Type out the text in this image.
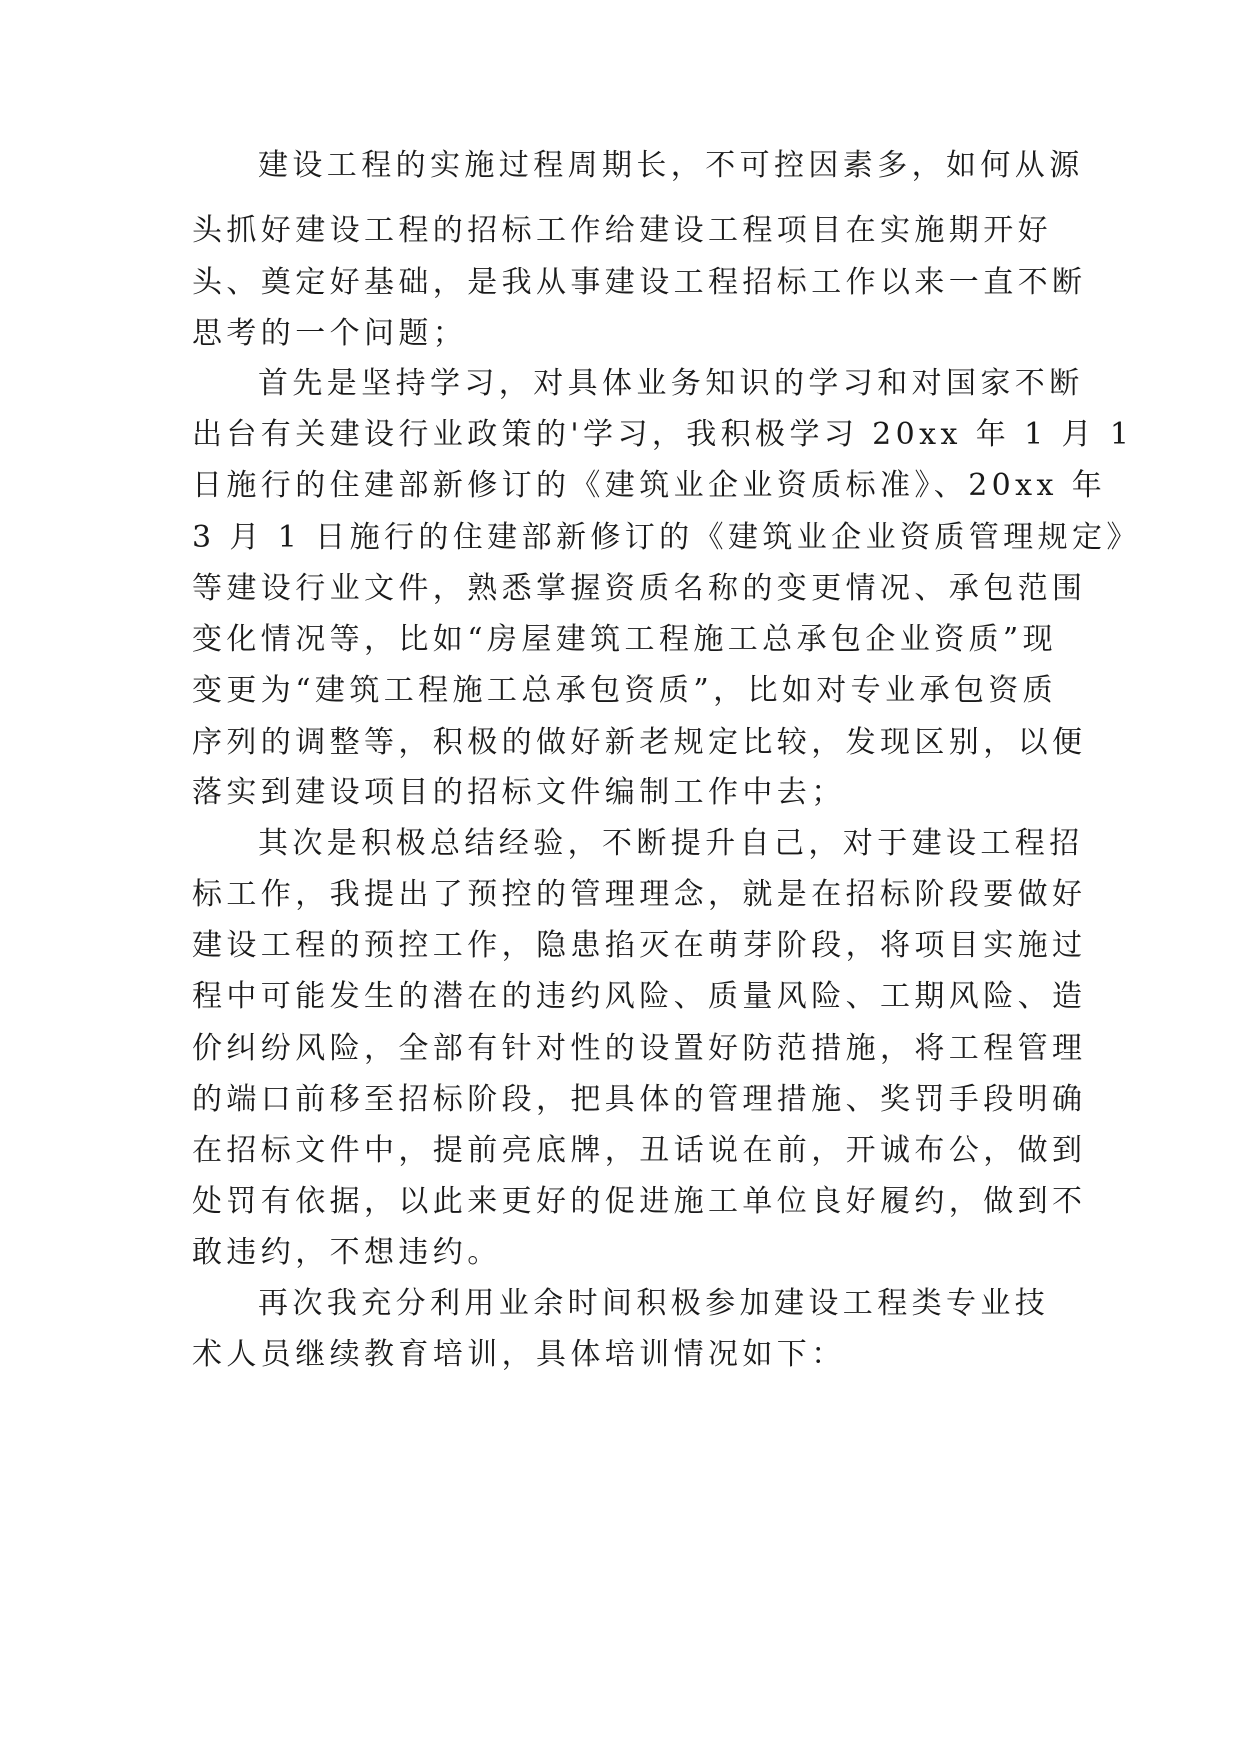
建设工程的实施过程周期长，不可控因素多，如何从源

头抓好建设工程的招标工作给建设工程项目在实施期开好

头、奠定好基础，是我从事建设工程招标工作以来一直不断

思考的一个问题；

首先是坚持学习，对具体业务知识的学习和对国家不断

出台有关建设行业政策的'学习，我积极学习 20xx 年 1 月 1

日施行的住建部新修订的《建筑业企业资质标准》、20xx 年

3 月 1 日施行的住建部新修订的《建筑业企业资质管理规定》

等建设行业文件，熟悉掌握资质名称的变更情况、承包范围

变化情况等，比如“房屋建筑工程施工总承包企业资质”现

变更为“建筑工程施工总承包资质”，比如对专业承包资质

序列的调整等，积极的做好新老规定比较，发现区别，以便

落实到建设项目的招标文件编制工作中去；

其次是积极总结经验，不断提升自己，对于建设工程招

标工作，我提出了预控的管理理念，就是在招标阶段要做好

建设工程的预控工作，隐患掐灭在萌芽阶段，将项目实施过

程中可能发生的潜在的违约风险、质量风险、工期风险、造

价纠纷风险，全部有针对性的设置好防范措施，将工程管理

的端口前移至招标阶段，把具体的管理措施、奖罚手段明确

在招标文件中，提前亮底牌，丑话说在前，开诚布公，做到

处罚有依据，以此来更好的促进施工单位良好履约，做到不

敢违约，不想违约。

再次我充分利用业余时间积极参加建设工程类专业技

术人员继续教育培训，具体培训情况如下：
